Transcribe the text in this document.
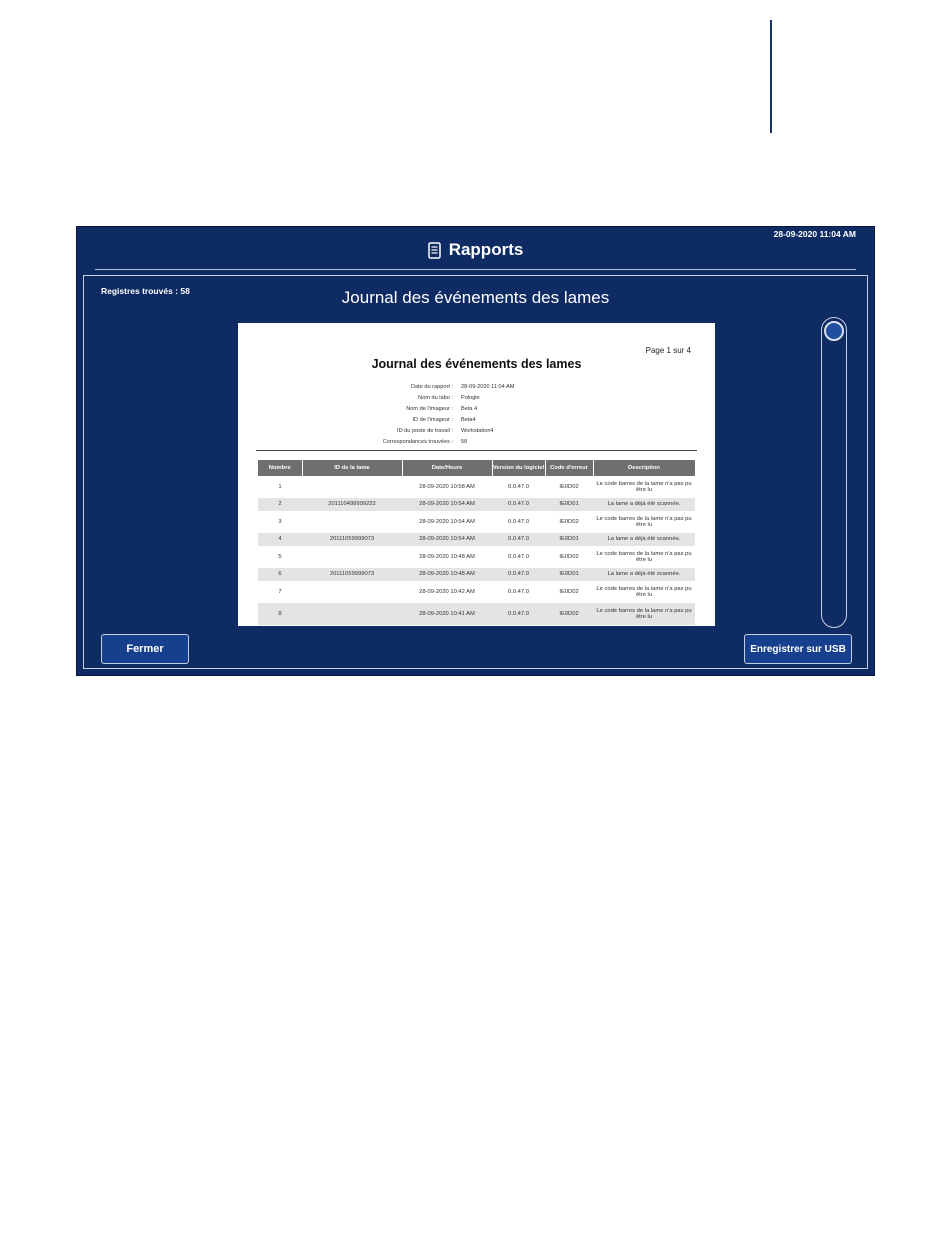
28-09-2020 11:04 AM
Rapports
Registres trouvés : 58	Journal des événements des lames
Page 1 sur 4
Journal des événements des lames
Date du rapport :	28-09-2020 11:04 AM
Nom du labo :	Pologie
Nom de l'imageur :	Beta 4
ID de l'imageur :	Beta4
ID du poste de travail :	Workstation4
Correspondances trouvées :	58
Nombre	ID de la lame	Date/Heure	Version du logiciel	Code d'erreur	Description
1		28-09-2020 10:58 AM	0.0.47.0	IE0D02	Le code barres de la lame n'a pas pu être lu
2	201110499999222	28-09-2020 10:54 AM	0.0.47.0	IE0D01	La lame a déjà été scannée.
3		28-09-2020 10:54 AM	0.0.47.0	IE0D02	Le code barres de la lame n'a pas pu être lu
4	20111059999073	28-09-2020 10:54 AM	0.0.47.0	IE0D01	La lame a déjà été scannée.
5		28-09-2020 10:48 AM	0.0.47.0	IE0D02	Le code barres de la lame n'a pas pu être lu
6	20111059999073	28-09-2020 10:48 AM	0.0.47.0	IE0D01	La lame a déjà été scannée.
7		28-09-2020 10:42 AM	0.0.47.0	IE0D02	Le code barres de la lame n'a pas pu être lu
8		28-09-2020 10:41 AM	0.0.47.0	IE0D02	Le code barres de la lame n'a pas pu être lu
Fermer	Enregistrer sur USB
